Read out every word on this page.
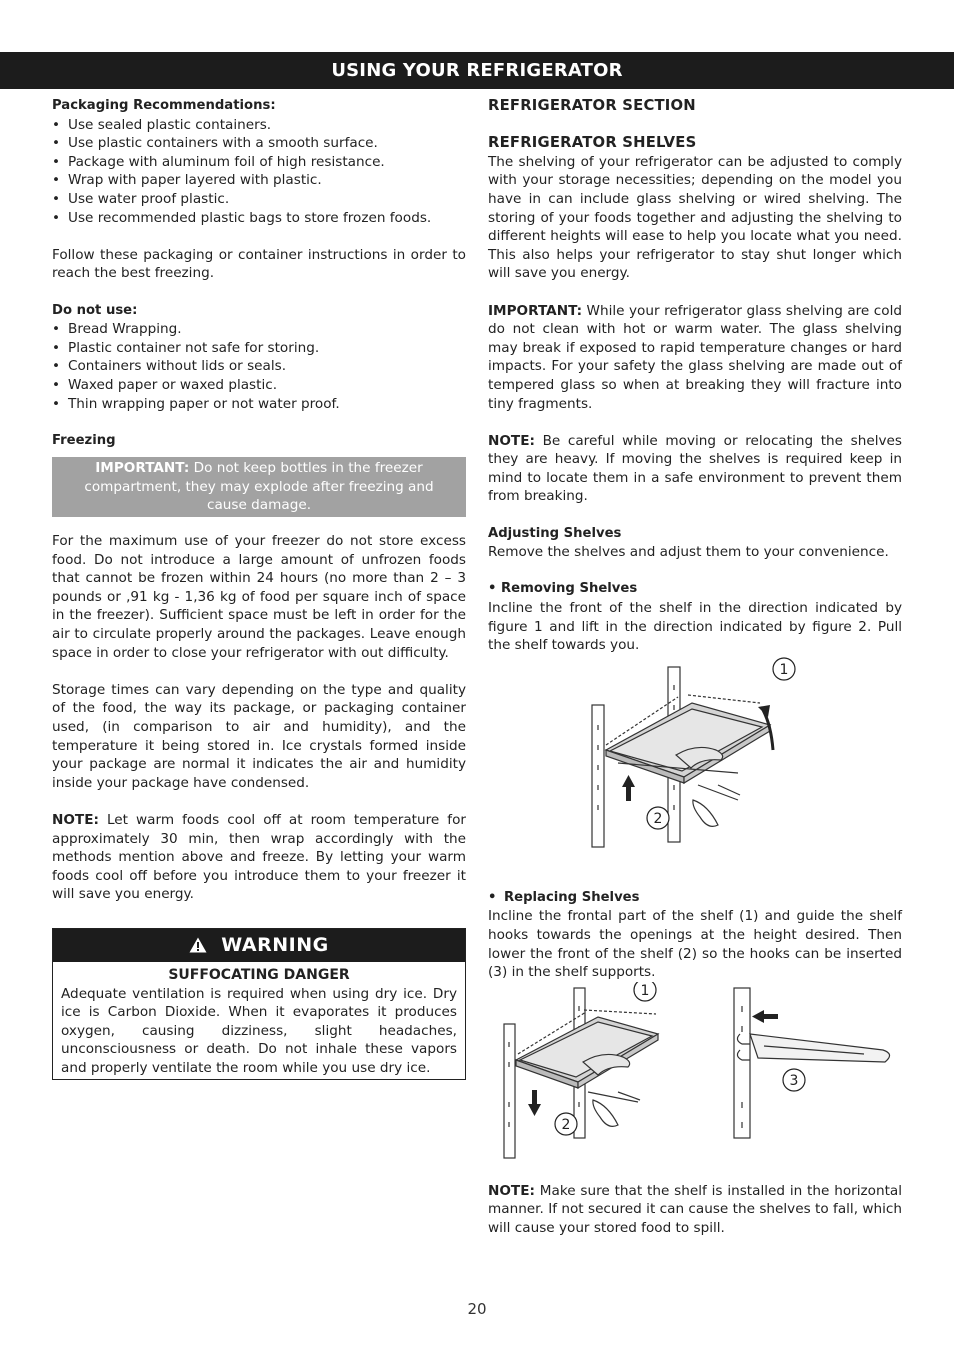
USING YOUR REFRIGERATOR

Packaging Recommendations:

• Use sealed plastic containers.
• Use plastic containers with a smooth surface.
• Package with aluminum foil of high resistance.
• Wrap with paper layered with plastic.
• Use water proof plastic.
• Use recommended plastic bags to store frozen foods.

Follow these packaging or container instructions in order to reach the best freezing.

Do not use:

• Bread Wrapping.
• Plastic container not safe for storing.
• Containers without lids or seals.
• Waxed paper or waxed plastic.
• Thin wrapping paper or not water proof.

Freezing

IMPORTANT: Do not keep bottles in the freezer compartment, they may explode after freezing and cause damage.

For the maximum use of your freezer do not store excess food. Do not introduce a large amount of unfrozen foods that cannot be frozen within 24 hours (no more than 2 – 3 pounds or ,91 kg - 1,36 kg of food per square inch of space in the freezer). Sufficient space must be left in order for the air to circulate properly around the packages. Leave enough space in order to close your refrigerator with out difficulty.

Storage times can vary depending on the type and quality of the food, the way its package, or packaging container used, (in comparison to air and humidity), and the temperature it being stored in. Ice crystals formed inside your package are normal it indicates the air and humidity inside your package have condensed.

NOTE: Let warm foods cool off at room temperature for approximately 30 min, then wrap accordingly with the methods mention above and freeze. By letting your warm foods cool off before you introduce them to your freezer it will save you energy.

WARNING
SUFFOCATING DANGER

Adequate ventilation is required when using dry ice. Dry ice is Carbon Dioxide. When it evaporates it produces oxygen, causing dizziness, slight headaches, unconsciousness or death. Do not inhale these vapors and properly ventilate the room while you use dry ice.

REFRIGERATOR SECTION

REFRIGERATOR SHELVES

The shelving of your refrigerator can be adjusted to comply with your storage necessities; depending on the model you have in can include glass shelving or wired shelving. The storing of your foods together and adjusting the shelving to different heights will ease to help you locate what you need. This also helps your refrigerator to stay shut longer which will save you energy.

IMPORTANT: While your refrigerator glass shelving are cold do not clean with hot or warm water. The glass shelving may break if exposed to rapid temperature changes or hard impacts. For your safety the glass shelving are made out of tempered glass so when at breaking they will fracture into tiny fragments.

NOTE: Be careful while moving or relocating the shelves they are heavy. If moving the shelves is required keep in mind to locate them in a safe environment to prevent them from breaking.

Adjusting Shelves

Remove the shelves and adjust them to your convenience.

• Removing Shelves

Incline the front of the shelf in the direction indicated by figure 1 and lift in the direction indicated by figure 2. Pull the shelf towards you.

1
2
• Replacing Shelves

Incline the frontal part of the shelf (1) and guide the shelf hooks towards the openings at the height desired. Then lower the front of the shelf (2) so the hooks can be inserted (3) in the shelf supports.

1
2
3

NOTE: Make sure that the shelf is installed in the horizontal manner. If not secured it can cause the shelves to fall, which will cause your stored food to spill.

20
